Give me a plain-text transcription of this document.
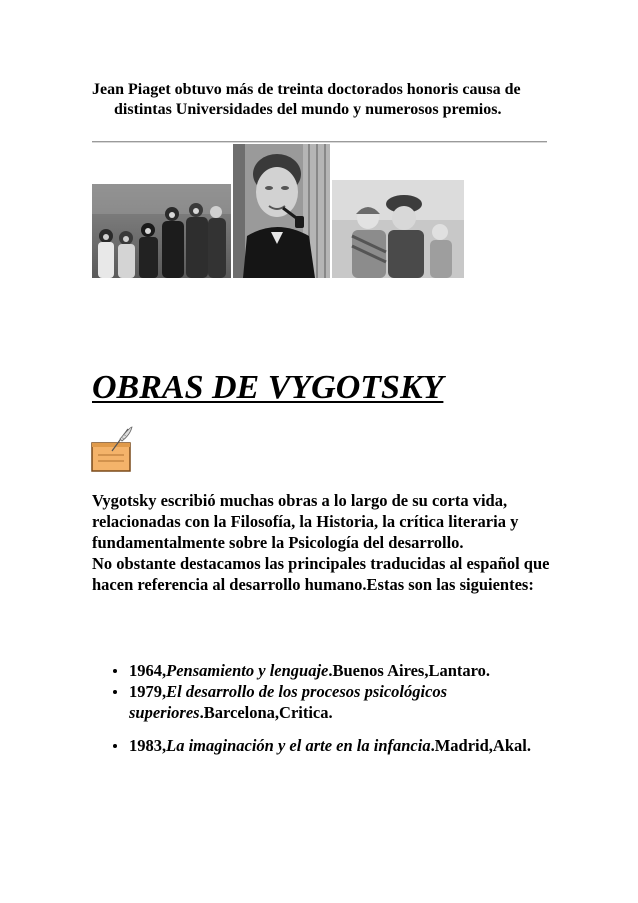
Jean Piaget obtuvo más de treinta doctorados honoris causa de distintas Universidades del mundo y numerosos premios.

OBRAS DE VYGOTSKY
Vygotsky escribió muchas obras a lo largo de su corta vida, relacionadas con la Filosofía, la Historia, la crítica literaria y fundamentalmente sobre la Psicología del desarrollo.
No obstante destacamos las principales traducidas al español que hacen referencia al desarrollo humano.Estas son las siguientes:
1964,Pensamiento y lenguaje.Buenos Aires,Lantaro.
1979,El desarrollo de los procesos psicológicos superiores.Barcelona,Critica.
1983,La imaginación y el arte en la infancia.Madrid,Akal.
